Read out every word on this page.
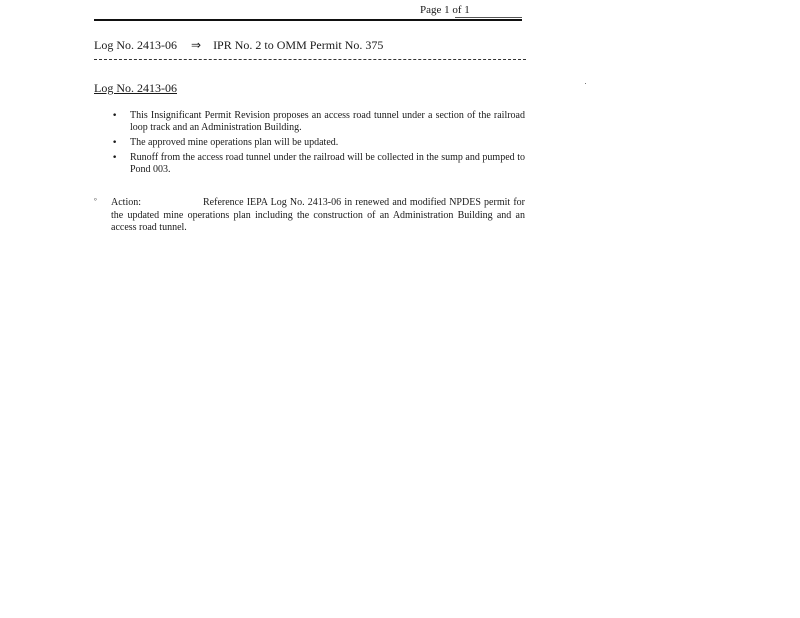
Page 1 of 1
Log No. 2413-06 ⇒ IPR No. 2 to OMM Permit No. 375
Log No. 2413-06
• This Insignificant Permit Revision proposes an access road tunnel under a section of the railroad loop track and an Administration Building.
• The approved mine operations plan will be updated.
• Runoff from the access road tunnel under the railroad will be collected in the sump and pumped to Pond 003.
° Action:	Reference IEPA Log No. 2413-06 in renewed and modified NPDES permit for the updated mine operations plan including the construction of an Administration Building and an access road tunnel.
